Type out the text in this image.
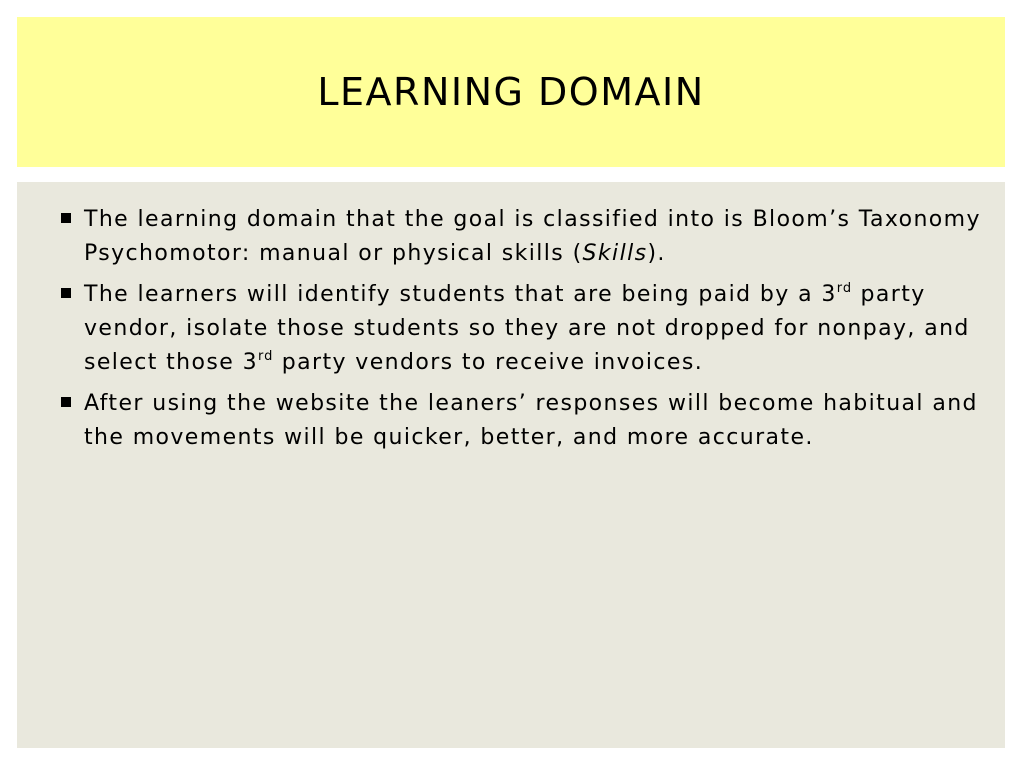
LEARNING DOMAIN
The learning domain that the goal is classified into is Bloom’s Taxonomy Psychomotor: manual or physical skills (Skills).
The learners will identify students that are being paid by a 3rd party vendor, isolate those students so they are not dropped for nonpay, and select those 3rd party vendors to receive invoices.
After using the website the leaners’ responses will become habitual and the movements will be quicker, better, and more accurate.
